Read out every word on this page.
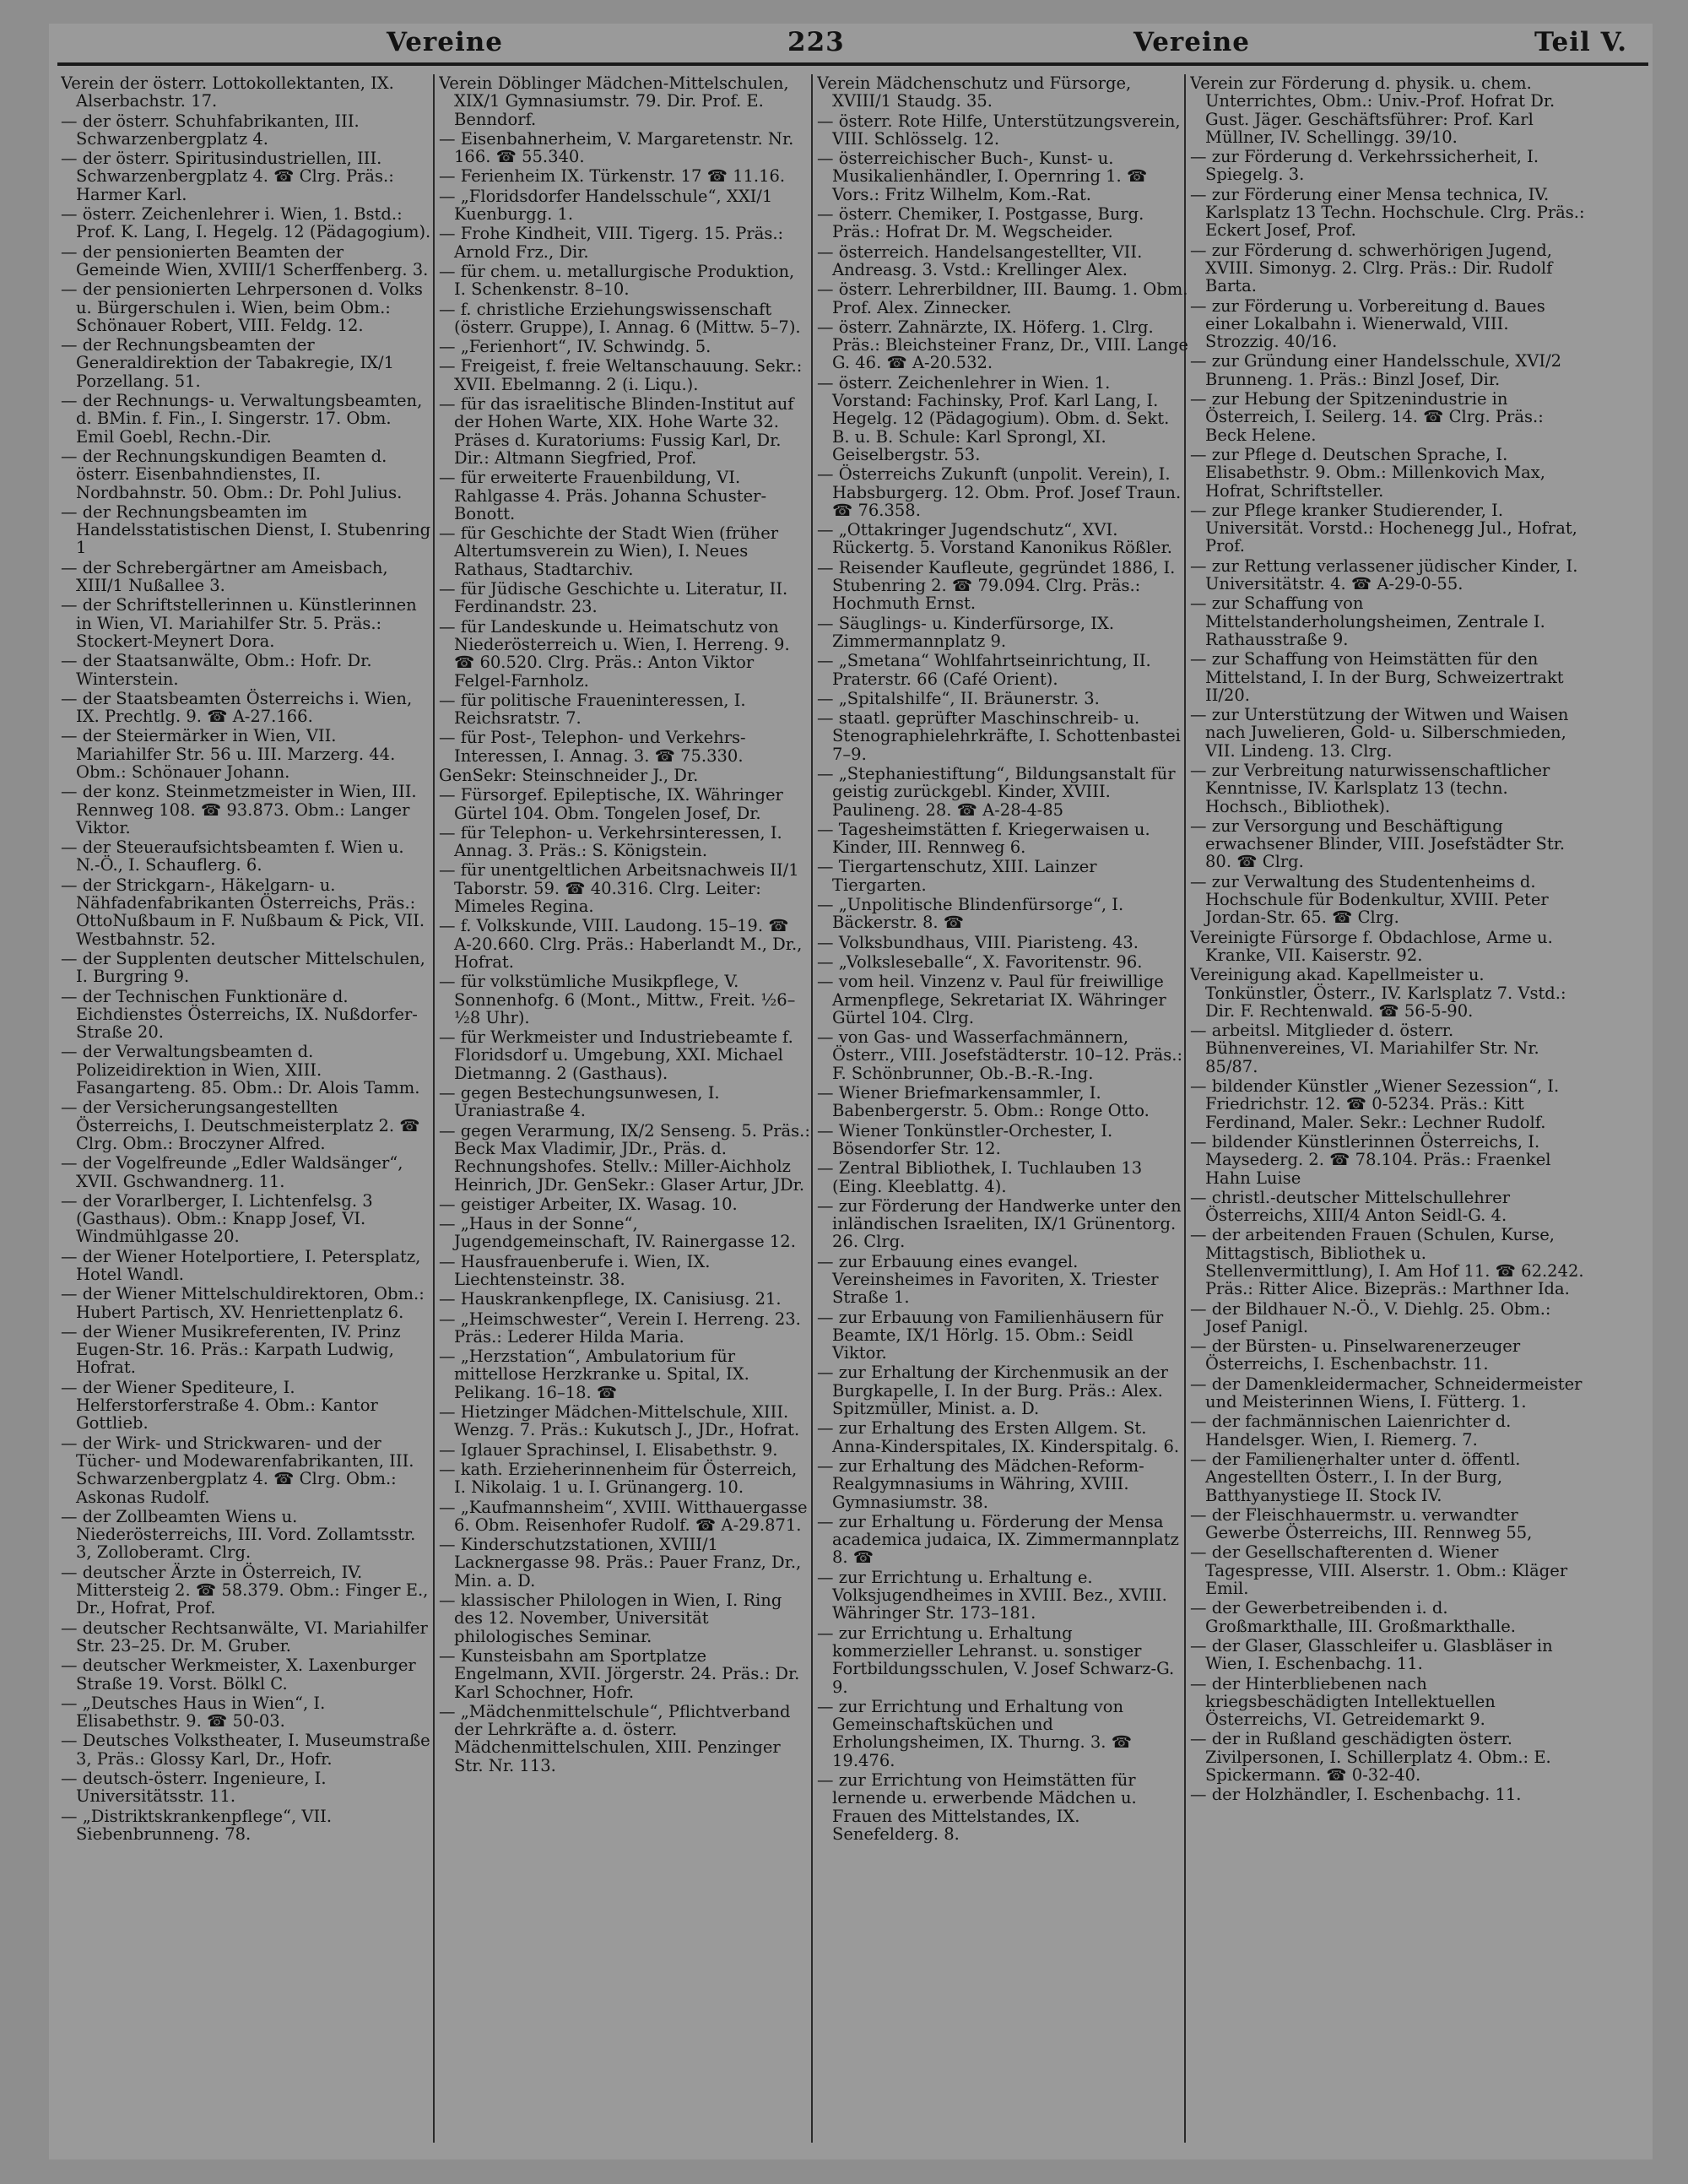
Vereine	223	Vereine	Teil V.

Verein der österr. Lottokollektanten, IX. Alserbachstr. 17.

— der österr. Schuhfabrikanten, III. Schwarzenbergplatz 4.

— der österr. Spiritusindustriellen, III. Schwarzenbergplatz 4. ☎ Clrg. Präs.: Harmer Karl.

— österr. Zeichenlehrer i. Wien, 1. Bstd.: Prof. K. Lang, I. Hegelg. 12 (Pädagogium).

— der pensionierten Beamten der Gemeinde Wien, XVIII/1 Scherffenberg. 3.

— der pensionierten Lehrpersonen d. Volks u. Bürgerschulen i. Wien, beim Obm.: Schönauer Robert, VIII. Feldg. 12.

— der Rechnungsbeamten der Generaldirektion der Tabakregie, IX/1 Porzellang. 51.

— der Rechnungs- u. Verwaltungsbeamten, d. BMin. f. Fin., I. Singerstr. 17. Obm. Emil Goebl, Rechn.-Dir.

— der Rechnungskundigen Beamten d. österr. Eisenbahndienstes, II. Nordbahnstr. 50. Obm.: Dr. Pohl Julius.

— der Rechnungsbeamten im Handelsstatistischen Dienst, I. Stubenring 1

— der Schrebergärtner am Ameisbach, XIII/1 Nußallee 3.

— der Schriftstellerinnen u. Künstlerinnen in Wien, VI. Mariahilfer Str. 5. Präs.: Stockert-Meynert Dora.

— der Staatsanwälte, Obm.: Hofr. Dr. Winterstein.

— der Staatsbeamten Österreichs i. Wien, IX. Prechtlg. 9. ☎ A-27.166.

— der Steiermärker in Wien, VII. Mariahilfer Str. 56 u. III. Marzerg. 44. Obm.: Schönauer Johann.

— der konz. Steinmetzmeister in Wien, III. Rennweg 108. ☎ 93.873. Obm.: Langer Viktor.

— der Steueraufsichtsbeamten f. Wien u. N.-Ö., I. Schauflerg. 6.

— der Strickgarn-, Häkelgarn- u. Nähfadenfabrikanten Österreichs, Präs.: OttoNußbaum in F. Nußbaum & Pick, VII. Westbahnstr. 52.

— der Supplenten deutscher Mittelschulen, I. Burgring 9.

— der Technischen Funktionäre d. Eichdienstes Österreichs, IX. Nußdorfer-Straße 20.

— der Verwaltungsbeamten d. Polizeidirektion in Wien, XIII. Fasangarteng. 85. Obm.: Dr. Alois Tamm.

— der Versicherungsangestellten Österreichs, I. Deutschmeisterplatz 2. ☎ Clrg. Obm.: Broczyner Alfred.

— der Vogelfreunde „Edler Waldsänger“, XVII. Gschwandnerg. 11.

— der Vorarlberger, I. Lichtenfelsg. 3 (Gasthaus). Obm.: Knapp Josef, VI. Windmühlgasse 20.

— der Wiener Hotelportiere, I. Petersplatz, Hotel Wandl.

— der Wiener Mittelschuldirektoren, Obm.: Hubert Partisch, XV. Henriettenplatz 6.

— der Wiener Musikreferenten, IV. Prinz Eugen-Str. 16. Präs.: Karpath Ludwig, Hofrat.

— der Wiener Spediteure, I. Helferstorferstraße 4. Obm.: Kantor Gottlieb.

— der Wirk- und Strickwaren- und der Tücher- und Modewarenfabrikanten, III. Schwarzenbergplatz 4. ☎ Clrg. Obm.: Askonas Rudolf.

— der Zollbeamten Wiens u. Niederösterreichs, III. Vord. Zollamtsstr. 3, Zolloberamt. Clrg.

— deutscher Ärzte in Österreich, IV. Mittersteig 2. ☎ 58.379. Obm.: Finger E., Dr., Hofrat, Prof.

— deutscher Rechtsanwälte, VI. Mariahilfer Str. 23–25. Dr. M. Gruber.

— deutscher Werkmeister, X. Laxenburger Straße 19. Vorst. Bölkl C.

— „Deutsches Haus in Wien“, I. Elisabethstr. 9. ☎ 50-03.

— Deutsches Volkstheater, I. Museumstraße 3, Präs.: Glossy Karl, Dr., Hofr.

— deutsch-österr. Ingenieure, I. Universitätsstr. 11.

— „Distriktskrankenpflege“, VII. Siebenbrunneng. 78.

Verein Döblinger Mädchen-Mittelschulen, XIX/1 Gymnasiumstr. 79. Dir. Prof. E. Benndorf.

— Eisenbahnerheim, V. Margaretenstr. Nr. 166. ☎ 55.340.

— Ferienheim IX. Türkenstr. 17 ☎ 11.16.

— „Floridsdorfer Handelsschule“, XXI/1 Kuenburgg. 1.

— Frohe Kindheit, VIII. Tigerg. 15. Präs.: Arnold Frz., Dir.

— für chem. u. metallurgische Produktion, I. Schenkenstr. 8–10.

— f. christliche Erziehungswissenschaft (österr. Gruppe), I. Annag. 6 (Mittw. 5–7).

— „Ferienhort“, IV. Schwindg. 5.

— Freigeist, f. freie Weltanschauung. Sekr.: XVII. Ebelmanng. 2 (i. Liqu.).

— für das israelitische Blinden-Institut auf der Hohen Warte, XIX. Hohe Warte 32. Präses d. Kuratoriums: Fussig Karl, Dr. Dir.: Altmann Siegfried, Prof.

— für erweiterte Frauenbildung, VI. Rahlgasse 4. Präs. Johanna Schuster-Bonott.

— für Geschichte der Stadt Wien (früher Altertumsverein zu Wien), I. Neues Rathaus, Stadtarchiv.

— für Jüdische Geschichte u. Literatur, II. Ferdinandstr. 23.

— für Landeskunde u. Heimatschutz von Niederösterreich u. Wien, I. Herreng. 9. ☎ 60.520. Clrg. Präs.: Anton Viktor Felgel-Farnholz.

— für politische Fraueninteressen, I. Reichsratstr. 7.

— für Post-, Telephon- und Verkehrs-Interessen, I. Annag. 3. ☎ 75.330.

GenSekr: Steinschneider J., Dr.

— Fürsorgef. Epileptische, IX. Währinger Gürtel 104. Obm. Tongelen Josef, Dr.

— für Telephon- u. Verkehrsinteressen, I. Annag. 3. Präs.: S. Königstein.

— für unentgeltlichen Arbeitsnachweis II/1 Taborstr. 59. ☎ 40.316. Clrg. Leiter: Mimeles Regina.

— f. Volkskunde, VIII. Laudong. 15–19. ☎ A-20.660. Clrg. Präs.: Haberlandt M., Dr., Hofrat.

— für volkstümliche Musikpflege, V. Sonnenhofg. 6 (Mont., Mittw., Freit. ½6–½8 Uhr).

— für Werkmeister und Industriebeamte f. Floridsdorf u. Umgebung, XXI. Michael Dietmanng. 2 (Gasthaus).

— gegen Bestechungsunwesen, I. Uraniastraße 4.

— gegen Verarmung, IX/2 Senseng. 5. Präs.: Beck Max Vladimir, JDr., Präs. d. Rechnungshofes. Stellv.: Miller-Aichholz Heinrich, JDr. GenSekr.: Glaser Artur, JDr.

— geistiger Arbeiter, IX. Wasag. 10.

— „Haus in der Sonne“, Jugendgemeinschaft, IV. Rainergasse 12.

— Hausfrauenberufe i. Wien, IX. Liechtensteinstr. 38.

— Hauskrankenpflege, IX. Canisiusg. 21.

— „Heimschwester“, Verein I. Herreng. 23. Präs.: Lederer Hilda Maria.

— „Herzstation“, Ambulatorium für mittellose Herzkranke u. Spital, IX. Pelikang. 16–18. ☎

— Hietzinger Mädchen-Mittelschule, XIII. Wenzg. 7. Präs.: Kukutsch J., JDr., Hofrat.

— Iglauer Sprachinsel, I. Elisabethstr. 9.

— kath. Erzieherinnenheim für Österreich, I. Nikolaig. 1 u. I. Grünangerg. 10.

— „Kaufmannsheim“, XVIII. Witthauergasse 6. Obm. Reisenhofer Rudolf. ☎ A-29.871.

— Kinderschutzstationen, XVIII/1 Lacknergasse 98. Präs.: Pauer Franz, Dr., Min. a. D.

— klassischer Philologen in Wien, I. Ring des 12. November, Universität philologisches Seminar.

— Kunsteisbahn am Sportplatze Engelmann, XVII. Jörgerstr. 24. Präs.: Dr. Karl Schochner, Hofr.

— „Mädchenmittelschule“, Pflichtverband der Lehrkräfte a. d. österr. Mädchenmittelschulen, XIII. Penzinger Str. Nr. 113.

Verein Mädchenschutz und Fürsorge, XVIII/1 Staudg. 35.

— österr. Rote Hilfe, Unterstützungsverein, VIII. Schlösselg. 12.

— österreichischer Buch-, Kunst- u. Musikalienhändler, I. Opernring 1. ☎ Vors.: Fritz Wilhelm, Kom.-Rat.

— österr. Chemiker, I. Postgasse, Burg. Präs.: Hofrat Dr. M. Wegscheider.

— österreich. Handelsangestellter, VII. Andreasg. 3. Vstd.: Krellinger Alex.

— österr. Lehrerbildner, III. Baumg. 1. Obm. Prof. Alex. Zinnecker.

— österr. Zahnärzte, IX. Höferg. 1. Clrg. Präs.: Bleichsteiner Franz, Dr., VIII. Lange G. 46. ☎ A-20.532.

— österr. Zeichenlehrer in Wien. 1. Vorstand: Fachinsky, Prof. Karl Lang, I. Hegelg. 12 (Pädagogium). Obm. d. Sekt. B. u. B. Schule: Karl Sprongl, XI. Geiselbergstr. 53.

— Österreichs Zukunft (unpolit. Verein), I. Habsburgerg. 12. Obm. Prof. Josef Traun. ☎ 76.358.

— „Ottakringer Jugendschutz“, XVI. Rückertg. 5. Vorstand Kanonikus Rößler.

— Reisender Kaufleute, gegründet 1886, I. Stubenring 2. ☎ 79.094. Clrg. Präs.: Hochmuth Ernst.

— Säuglings- u. Kinderfürsorge, IX. Zimmermannplatz 9.

— „Smetana“ Wohlfahrtseinrichtung, II. Praterstr. 66 (Café Orient).

— „Spitalshilfe“, II. Bräunerstr. 3.

— staatl. geprüfter Maschinschreib- u. Stenographielehrkräfte, I. Schottenbastei 7–9.

— „Stephaniestiftung“, Bildungsanstalt für geistig zurückgebl. Kinder, XVIII. Paulineng. 28. ☎ A-28-4-85

— Tagesheimstätten f. Kriegerwaisen u. Kinder, III. Rennweg 6.

— Tiergartenschutz, XIII. Lainzer Tiergarten.

— „Unpolitische Blindenfürsorge“, I. Bäckerstr. 8. ☎

— Volksbundhaus, VIII. Piaristeng. 43.

— „Volksleseballe“, X. Favoritenstr. 96.

— vom heil. Vinzenz v. Paul für freiwillige Armenpflege, Sekretariat IX. Währinger Gürtel 104. Clrg.

— von Gas- und Wasserfachmännern, Österr., VIII. Josefstädterstr. 10–12. Präs.: F. Schönbrunner, Ob.-B.-R.-Ing.

— Wiener Briefmarkensammler, I. Babenbergerstr. 5. Obm.: Ronge Otto.

— Wiener Tonkünstler-Orchester, I. Bösendorfer Str. 12.

— Zentral Bibliothek, I. Tuchlauben 13 (Eing. Kleeblattg. 4).

— zur Förderung der Handwerke unter den inländischen Israeliten, IX/1 Grünentorg. 26. Clrg.

— zur Erbauung eines evangel. Vereinsheimes in Favoriten, X. Triester Straße 1.

— zur Erbauung von Familienhäusern für Beamte, IX/1 Hörlg. 15. Obm.: Seidl Viktor.

— zur Erhaltung der Kirchenmusik an der Burgkapelle, I. In der Burg. Präs.: Alex. Spitzmüller, Minist. a. D.

— zur Erhaltung des Ersten Allgem. St. Anna-Kinderspitales, IX. Kinderspitalg. 6.

— zur Erhaltung des Mädchen-Reform-Realgymnasiums in Währing, XVIII. Gymnasiumstr. 38.

— zur Erhaltung u. Förderung der Mensa academica judaica, IX. Zimmermannplatz 8. ☎

— zur Errichtung u. Erhaltung e. Volksjugendheimes in XVIII. Bez., XVIII. Währinger Str. 173–181.

— zur Errichtung u. Erhaltung kommerzieller Lehranst. u. sonstiger Fortbildungsschulen, V. Josef Schwarz-G. 9.

— zur Errichtung und Erhaltung von Gemeinschaftsküchen und Erholungsheimen, IX. Thurng. 3. ☎ 19.476.

— zur Errichtung von Heimstätten für lernende u. erwerbende Mädchen u. Frauen des Mittelstandes, IX. Senefelderg. 8.

Verein zur Förderung d. physik. u. chem. Unterrichtes, Obm.: Univ.-Prof. Hofrat Dr. Gust. Jäger. Geschäftsführer: Prof. Karl Müllner, IV. Schellingg. 39/10.

— zur Förderung d. Verkehrssicherheit, I. Spiegelg. 3.

— zur Förderung einer Mensa technica, IV. Karlsplatz 13 Techn. Hochschule. Clrg. Präs.: Eckert Josef, Prof.

— zur Förderung d. schwerhörigen Jugend, XVIII. Simonyg. 2. Clrg. Präs.: Dir. Rudolf Barta.

— zur Förderung u. Vorbereitung d. Baues einer Lokalbahn i. Wienerwald, VIII. Strozzig. 40/16.

— zur Gründung einer Handelsschule, XVI/2 Brunneng. 1. Präs.: Binzl Josef, Dir.

— zur Hebung der Spitzenindustrie in Österreich, I. Seilerg. 14. ☎ Clrg. Präs.: Beck Helene.

— zur Pflege d. Deutschen Sprache, I. Elisabethstr. 9. Obm.: Millenkovich Max, Hofrat, Schriftsteller.

— zur Pflege kranker Studierender, I. Universität. Vorstd.: Hochenegg Jul., Hofrat, Prof.

— zur Rettung verlassener jüdischer Kinder, I. Universitätstr. 4. ☎ A-29-0-55.

— zur Schaffung von Mittelstanderholungsheimen, Zentrale I. Rathausstraße 9.

— zur Schaffung von Heimstätten für den Mittelstand, I. In der Burg, Schweizertrakt II/20.

— zur Unterstützung der Witwen und Waisen nach Juwelieren, Gold- u. Silberschmieden, VII. Lindeng. 13. Clrg.

— zur Verbreitung naturwissenschaftlicher Kenntnisse, IV. Karlsplatz 13 (techn. Hochsch., Bibliothek).

— zur Versorgung und Beschäftigung erwachsener Blinder, VIII. Josefstädter Str. 80. ☎ Clrg.

— zur Verwaltung des Studentenheims d. Hochschule für Bodenkultur, XVIII. Peter Jordan-Str. 65. ☎ Clrg.

Vereinigte Fürsorge f. Obdachlose, Arme u. Kranke, VII. Kaiserstr. 92.

Vereinigung akad. Kapellmeister u. Tonkünstler, Österr., IV. Karlsplatz 7. Vstd.: Dir. F. Rechtenwald. ☎ 56-5-90.

— arbeitsl. Mitglieder d. österr. Bühnenvereines, VI. Mariahilfer Str. Nr. 85/87.

— bildender Künstler „Wiener Sezession“, I. Friedrichstr. 12. ☎ 0-5234. Präs.: Kitt Ferdinand, Maler. Sekr.: Lechner Rudolf.

— bildender Künstlerinnen Österreichs, I. Maysederg. 2. ☎ 78.104. Präs.: Fraenkel Hahn Luise

— christl.-deutscher Mittelschullehrer Österreichs, XIII/4 Anton Seidl-G. 4.

— der arbeitenden Frauen (Schulen, Kurse, Mittagstisch, Bibliothek u. Stellenvermittlung), I. Am Hof 11. ☎ 62.242. Präs.: Ritter Alice. Bizepräs.: Marthner Ida.

— der Bildhauer N.-Ö., V. Diehlg. 25. Obm.: Josef Panigl.

— der Bürsten- u. Pinselwarenerzeuger Österreichs, I. Eschenbachstr. 11.

— der Damenkleidermacher, Schneidermeister und Meisterinnen Wiens, I. Fütterg. 1.

— der fachmännischen Laienrichter d. Handelsger. Wien, I. Riemerg. 7.

— der Familienerhalter unter d. öffentl. Angestellten Österr., I. In der Burg, Batthyanystiege II. Stock IV.

— der Fleischhauermstr. u. verwandter Gewerbe Österreichs, III. Rennweg 55,

— der Gesellschafterenten d. Wiener Tagespresse, VIII. Alserstr. 1. Obm.: Kläger Emil.

— der Gewerbetreibenden i. d. Großmarkthalle, III. Großmarkthalle.

— der Glaser, Glasschleifer u. Glasbläser in Wien, I. Eschenbachg. 11.

— der Hinterbliebenen nach kriegsbeschädigten Intellektuellen Österreichs, VI. Getreidemarkt 9.

— der in Rußland geschädigten österr. Zivilpersonen, I. Schillerplatz 4. Obm.: E. Spickermann. ☎ 0-32-40.

— der Holzhändler, I. Eschenbachg. 11.
